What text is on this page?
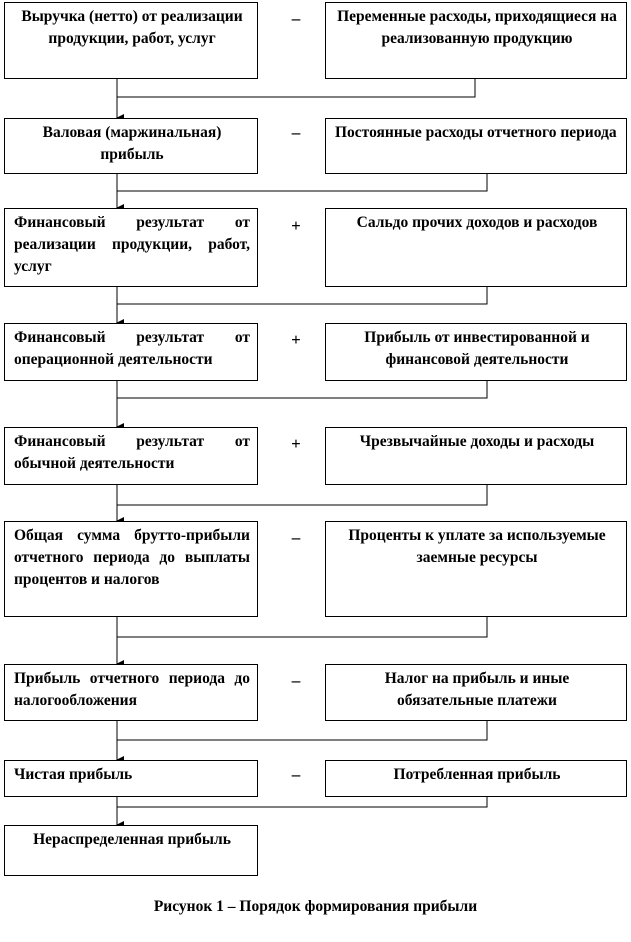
Выручка (нетто) от реализации продукции, работ, услуг
–	Переменные расходы, приходящиеся на реализованную продукцию
Валовая (маржинальная) прибыль
–	Постоянные расходы отчетного периода
Финансовый результат от реализации продукции, работ, услуг
+	Сальдо прочих доходов и расходов
Финансовый результат от операционной деятельности
+	Прибыль от инвестированной и финансовой деятельности
Финансовый результат от обычной деятельности
+	Чрезвычайные доходы и расходы
Общая сумма брутто-прибыли отчетного периода до выплаты процентов и налогов
–	Проценты к уплате за используемые заемные ресурсы
Прибыль отчетного периода до налогообложения
–	Налог на прибыль и иные обязательные платежи
Чистая прибыль	–	Потребленная прибыль
Нераспределенная прибыль
Рисунок 1 – Порядок формирования прибыли
